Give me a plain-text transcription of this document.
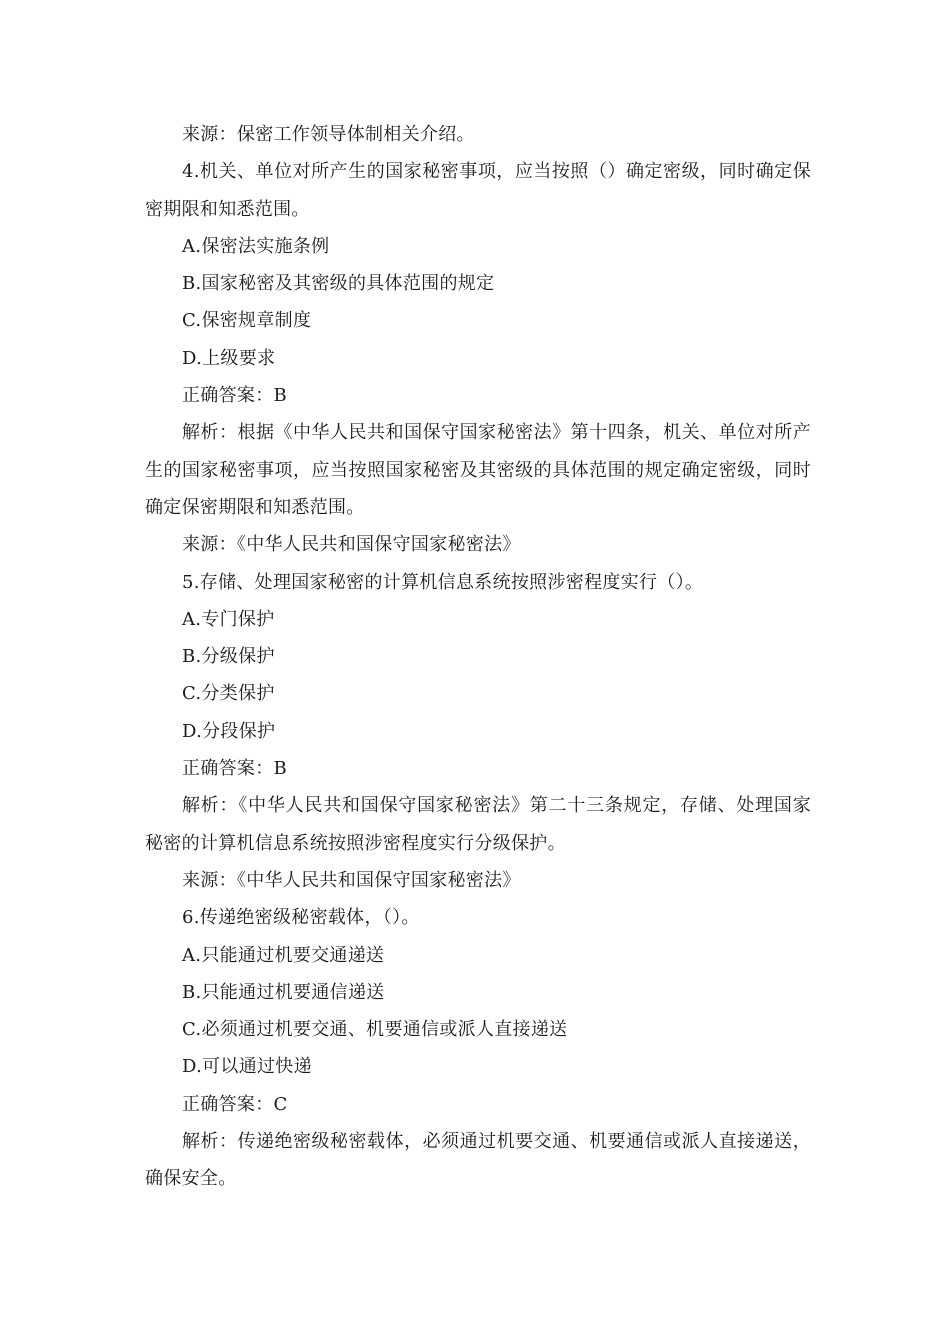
来源：保密工作领导体制相关介绍。

4.机关、单位对所产生的国家秘密事项，应当按照（）确定密级，同时确定保密期限和知悉范围。

A.保密法实施条例

B.国家秘密及其密级的具体范围的规定

C.保密规章制度

D.上级要求

正确答案：B

解析：根据《中华人民共和国保守国家秘密法》第十四条，机关、单位对所产生的国家秘密事项，应当按照国家秘密及其密级的具体范围的规定确定密级，同时确定保密期限和知悉范围。

来源：《中华人民共和国保守国家秘密法》

5.存储、处理国家秘密的计算机信息系统按照涉密程度实行（）。

A.专门保护

B.分级保护

C.分类保护

D.分段保护

正确答案：B

解析：《中华人民共和国保守国家秘密法》第二十三条规定，存储、处理国家秘密的计算机信息系统按照涉密程度实行分级保护。

来源：《中华人民共和国保守国家秘密法》

6.传递绝密级秘密载体，（）。

A.只能通过机要交通递送

B.只能通过机要通信递送

C.必须通过机要交通、机要通信或派人直接递送

D.可以通过快递

正确答案：C

解析：传递绝密级秘密载体，必须通过机要交通、机要通信或派人直接递送，确保安全。
